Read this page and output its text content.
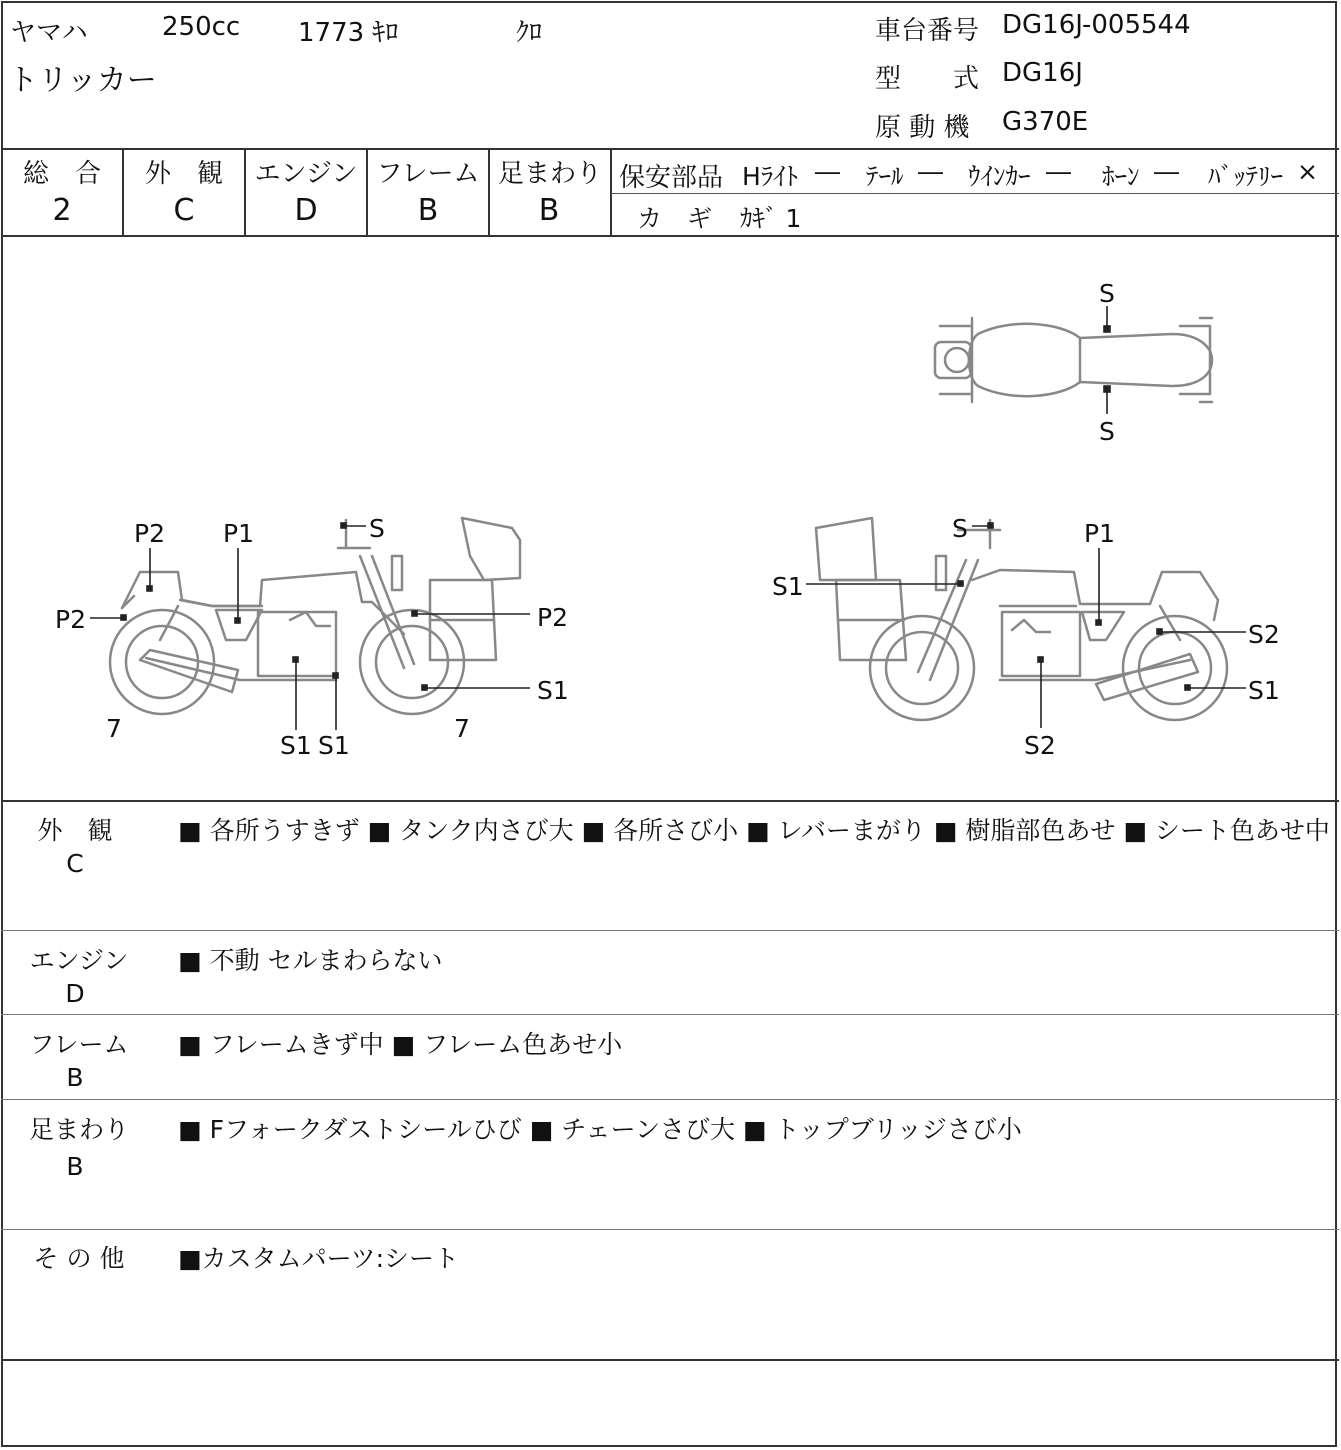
ヤマハ	250cc 1773 ｷﾛ	ｸﾛ
トリッカー
車台番号 DG16J-005544
型　　式 DG16J
原 動 機 G370E
総　合
2
外　観
C
エンジン
D
フレーム
B
足まわり
B
保安部品 Hﾗｲﾄ ― ﾃｰﾙ ― ｳｲﾝｶｰ ― ﾎｰﾝ ― ﾊﾞｯﾃﾘｰ ×
カ　ギ ｶｷﾞ 1
S
S
P2 P1	S
P2	P2
S1
7	7
S1 S1
S	P1
S1
S2
S1
S2
外　観
C
■ 各所うすきず ■ タンク内さび大 ■ 各所さび小 ■ レバーまがり ■ 樹脂部色あせ ■ シート色あせ中
エンジン
D
■ 不動 セルまわらない
フレーム
B
■ フレームきず中 ■ フレーム色あせ小
足まわり
B
■ Fフォークダストシールひび ■ チェーンさび大 ■ トップブリッジさび小
そ の 他	■カスタムパーツ:シート
